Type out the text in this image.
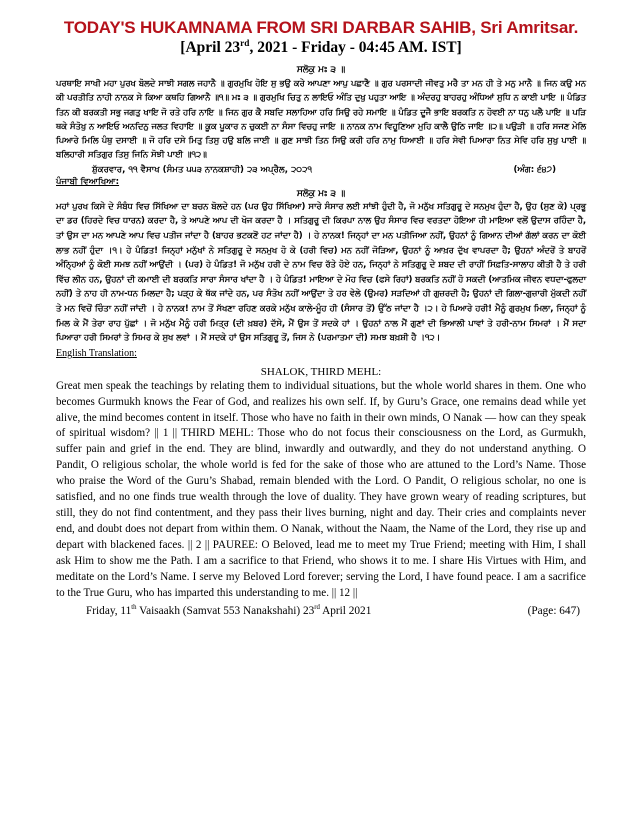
TODAY'S HUKAMNAMA FROM SRI DARBAR SAHIB, Sri Amritsar.
[April 23rd, 2021 - Friday - 04:45 AM. IST]
ਸਲੋਕੁ ਮਃ ੩ ॥
ਪਰਥਾਇ ਸਾਖੀ ਮਹਾ ਪੁਰਖ ਬੋਲਦੇ ਸਾਝੀ ਸਗਲ ਜਹਾਨੈ ॥ ਗੁਰਮੁਖਿ ਹੋਇ ਸੁ ਭਉ ਕਰੇ ਆਪਣਾ ਆਪੁ ਪਛਾਣੈ ॥ ਗੁਰ ਪਰਸਾਦੀ ਜੀਵਤੁ ਮਰੈ ਤਾ ਮਨ ਹੀ ਤੇ ਮਨੁ ਮਾਨੈ ॥ ਜਿਨ ਕਉ ਮਨ ਕੀ ਪਰਤੀਤਿ ਨਾਹੀ ਨਾਨਕ ਸੇ ਕਿਆ ਕਥਹਿ ਗਿਆਨੈ ॥੧॥ ਮਃ ੩ ॥ ਗੁਰਮੁਖਿ ਚਿਤੁ ਨ ਲਾਇਓ ਅੰਤਿ ਦੁਖੁ ਪਹੁਤਾ ਆਇ ॥ ਅੰਦਰਹੁ ਬਾਹਰਹੁ ਅੰਧਿਆਂ ਸੁਧਿ ਨ ਕਾਈ ਪਾਇ ॥ ਪੰਡਿਤ ਤਿਨ ਕੀ ਬਰਕਤੀ ਸਭੁ ਜਗਤੁ ਖਾਇ ਜੋ ਰਤੇ ਹਰਿ ਨਾਇ ॥ ਜਿਨ ਗੁਰ ਕੈ ਸਬਦਿ ਸਲਾਹਿਆ ਹਰਿ ਸਿਉ ਰਹੇ ਸਮਾਇ ॥ ਪੰਡਿਤ ਦੂਜੈ ਭਾਇ ਬਰਕਤਿ ਨ ਹੋਵਈ ਨਾ ਧਨੁ ਪਲੈ ਪਾਇ ॥ ਪੜਿ ਥਕੇ ਸੰਤੋਖੁ ਨ ਆਇਓ ਅਨਦਿਨੁ ਜਲਤ ਵਿਹਾਇ ॥ ਕੂਕ ਪੂਕਾਰ ਨ ਚੁਕਈ ਨਾ ਸੰਸਾ ਵਿਚਹੁ ਜਾਇ ॥ ਨਾਨਕ ਨਾਮ ਵਿਹੂਣਿਆ ਮੁਹਿ ਕਾਲੈ ਉਠਿ ਜਾਇ ॥੨॥ ਪਉੜੀ ॥ ਹਰਿ ਸਜਣ ਮੇਲਿ ਪਿਆਰੇ ਮਿਲਿ ਪੰਥੁ ਦਸਾਈ ॥ ਜੋ ਹਰਿ ਦਸੇ ਮਿਤੁ ਤਿਸੁ ਹਉ ਬਲਿ ਜਾਈ ॥ ਗੁਣ ਸਾਝੀ ਤਿਨ ਸਿਉ ਕਰੀ ਹਰਿ ਨਾਮੁ ਧਿਆਈ ॥ ਹਰਿ ਸੇਵੀ ਪਿਆਰਾ ਨਿਤ ਸੇਵਿ ਹਰਿ ਸੁਖੁ ਪਾਈ ॥ ਬਲਿਹਾਰੀ ਸਤਿਗੁਰ ਤਿਸੁ ਜਿਨਿ ਸੋਝੀ ਪਾਈ ॥੧੨॥
ਸ਼ੁੱਕਰਵਾਰ, ੧੧ ਵੈਸਾਖ (ਸੰਮਤ ੫੫੩ ਨਾਨਕਸ਼ਾਹੀ) ੨੩ ਅਪ੍ਰੈਲ, ੨੦੨੧	(ਅੰਗ: ੬੪੭)
ਪੰਜਾਬੀ ਵਿਆਖਿਆ:
ਸਲੋਕੁ ਮਃ ੩ ॥
ਮਹਾਂ ਪੁਰਖ ਕਿਸੇ ਦੇ ਸੰਬੰਧ ਵਿਚ ਸਿੱਖਿਆ ਦਾ ਬਚਨ ਬੋਲਦੇ ਹਨ (ਪਰ ਉਹ ਸਿੱਖਿਆ) ਸਾਰੇ ਸੰਸਾਰ ਲਈ ਸਾਂਝੀ ਹੁੰਦੀ ਹੈ, ਜੋ ਮਨੁੱਖ ਸਤਿਗੁਰੂ ਦੇ ਸਨਮੁਖ ਹੁੰਦਾ ਹੈ, ਉਹ (ਸੁਣ ਕੇ) ਪ੍ਰਭੂ ਦਾ ਡਰ (ਹਿਰਦੇ ਵਿਚ ਧਾਰਨ) ਕਰਦਾ ਹੈ, ਤੇ ਆਪਣੇ ਆਪ ਦੀ ਖੋਜ ਕਰਦਾ ਹੈ । ਸਤਿਗੁਰੂ ਦੀ ਕਿਰਪਾ ਨਾਲ ਉਹ ਸੰਸਾਰ ਵਿਚ ਵਰਤਦਾ ਹੋਇਆ ਹੀ ਮਾਇਆ ਵਲੋਂ ਉਦਾਸ ਰਹਿੰਦਾ ਹੈ, ਤਾਂ ਉਸ ਦਾ ਮਨ ਆਪਣੇ ਆਪ ਵਿਚ ਪਤੀਜ ਜਾਂਦਾ ਹੈ (ਬਾਹਰ ਭਟਕਣੋਂ ਹਟ ਜਾਂਦਾ ਹੈ) । ਹੇ ਨਾਨਕ! ਜਿਨ੍ਹਾਂ ਦਾ ਮਨ ਪਤੀਜਿਆ ਨਹੀਂ, ਉਹਨਾਂ ਨੂੰ ਗਿਆਨ ਦੀਆਂ ਗੱਲਾਂ ਕਰਨ ਦਾ ਕੋਈ ਲਾਭ ਨਹੀਂ ਹੁੰਦਾ ।੧। ਹੇ ਪੰਡਿਤ! ਜਿਨ੍ਹਾਂ ਮਨੁੱਖਾਂ ਨੇ ਸਤਿਗੁਰੂ ਦੇ ਸਨਮੁਖ ਹੋ ਕੇ (ਹਰੀ ਵਿਚ) ਮਨ ਨਹੀਂ ਜੋੜਿਆ, ਉਹਨਾਂ ਨੂੰ ਆਖ਼ਰ ਦੁੱਖ ਵਾਪਰਦਾ ਹੈ; ਉਹਨਾਂ ਅੰਦਰੋਂ ਤੇ ਬਾਹਰੋਂ ਅੰਨ੍ਹਿਆਂ ਨੂੰ ਕੋਈ ਸਮਝ ਨਹੀਂ ਆਉਂਦੀ । (ਪਰ) ਹੇ ਪੰਡਿਤ! ਜੋ ਮਨੁੱਖ ਹਰੀ ਦੇ ਨਾਮ ਵਿਚ ਰੱਤੇ ਹੋਏ ਹਨ, ਜਿਨ੍ਹਾਂ ਨੇ ਸਤਿਗੁਰੂ ਦੇ ਸ਼ਬਦ ਦੀ ਰਾਹੀਂ ਸਿਫ਼ਤਿ-ਸਾਲਾਹ ਕੀਤੀ ਹੈ ਤੇ ਹਰੀ ਵਿੱਚ ਲੀਨ ਹਨ, ਉਹਨਾਂ ਦੀ ਕਮਾਈ ਦੀ ਬਰਕਤਿ ਸਾਰਾ ਸੰਸਾਰ ਖਾਂਦਾ ਹੈ । ਹੇ ਪੰਡਿਤ! ਮਾਇਆ ਦੇ ਮੋਹ ਵਿਚ (ਫਸੇ ਰਿਹਾਂ) ਬਰਕਤਿ ਨਹੀਂ ਹੋ ਸਕਦੀ (ਆਤਮਿਕ ਜੀਵਨ ਵਧਦਾ-ਫੁਲਦਾ ਨਹੀਂ) ਤੇ ਨਾਹ ਹੀ ਨਾਮ-ਧਨ ਮਿਲਦਾ ਹੈ; ਪੜ੍ਹ ਕੇ ਥੱਕ ਜਾਂਦੇ ਹਨ, ਪਰ ਸੰਤੋਖ ਨਹੀਂ ਆਉਂਦਾ ਤੇ ਹਰ ਵੇਲੇ (ਉਮਰ) ਸੜਦਿਆਂ ਹੀ ਗੁਜ਼ਰਦੀ ਹੈ; ਉਹਨਾਂ ਦੀ ਗਿਲਾ-ਗੁਜ਼ਾਰੀ ਮੁੱਕਦੀ ਨਹੀਂ ਤੇ ਮਨ ਵਿਚੋਂ ਚਿੰਤਾ ਨਹੀਂ ਜਾਂਦੀ । ਹੇ ਨਾਨਕ! ਨਾਮ ਤੋਂ ਸੱਖਣਾ ਰਹਿਣ ਕਰਕੇ ਮਨੁੱਖ ਕਾਲੇ-ਮੂੰਹ ਹੀ (ਸੰਸਾਰ ਤੋਂ) ਉੱਠ ਜਾਂਦਾ ਹੈ ।੨। ਹੇ ਪਿਆਰੇ ਹਰੀ! ਮੈਨੂੰ ਗੁਰਮੁਖ ਮਿਲਾ, ਜਿਨ੍ਹਾਂ ਨੂੰ ਮਿਲ ਕੇ ਮੈਂ ਤੇਰਾ ਰਾਹ ਪੁੱਛਾਂ । ਜੋ ਮਨੁੱਖ ਮੈਨੂੰ ਹਰੀ ਮਿਤ੍ਰ (ਦੀ ਖ਼ਬਰ) ਦੱਸੇ, ਮੈਂ ਉਸ ਤੋਂ ਸਦਕੇ ਹਾਂ । ਉਹਨਾਂ ਨਾਲ ਮੈਂ ਗੁਣਾਂ ਦੀ ਭਿਆਲੀ ਪਾਵਾਂ ਤੇ ਹਰੀ-ਨਾਮ ਸਿਮਰਾਂ । ਮੈਂ ਸਦਾ ਪਿਆਰਾ ਹਰੀ ਸਿਮਰਾਂ ਤੇ ਸਿਮਰ ਕੇ ਸੁਖ ਲਵਾਂ । ਮੈਂ ਸਦਕੇ ਹਾਂ ਉਸ ਸਤਿਗੁਰੂ ਤੋਂ, ਜਿਸ ਨੇ (ਪਰਮਾਤਮਾ ਦੀ) ਸਮਝ ਬਖ਼ਸ਼ੀ ਹੈ ।੧੨।
English Translation:
SHALOK, THIRD MEHL:
Great men speak the teachings by relating them to individual situations, but the whole world shares in them. One who becomes Gurmukh knows the Fear of God, and realizes his own self. If, by Guru’s Grace, one remains dead while yet alive, the mind becomes content in itself. Those who have no faith in their own minds, O Nanak — how can they speak of spiritual wisdom? || 1 || THIRD MEHL: Those who do not focus their consciousness on the Lord, as Gurmukh, suffer pain and grief in the end. They are blind, inwardly and outwardly, and they do not understand anything. O Pandit, O religious scholar, the whole world is fed for the sake of those who are attuned to the Lord’s Name. Those who praise the Word of the Guru’s Shabad, remain blended with the Lord. O Pandit, O religious scholar, no one is satisfied, and no one finds true wealth through the love of duality. They have grown weary of reading scriptures, but still, they do not find contentment, and they pass their lives burning, night and day. Their cries and complaints never end, and doubt does not depart from within them. O Nanak, without the Naam, the Name of the Lord, they rise up and depart with blackened faces. || 2 || PAUREE: O Beloved, lead me to meet my True Friend; meeting with Him, I shall ask Him to show me the Path. I am a sacrifice to that Friend, who shows it to me. I share His Virtues with Him, and meditate on the Lord’s Name. I serve my Beloved Lord forever; serving the Lord, I have found peace. I am a sacrifice to the True Guru, who has imparted this understanding to me. || 12 ||
Friday, 11th Vaisaakh (Samvat 553 Nanakshahi) 23rd April 2021	(Page: 647)
